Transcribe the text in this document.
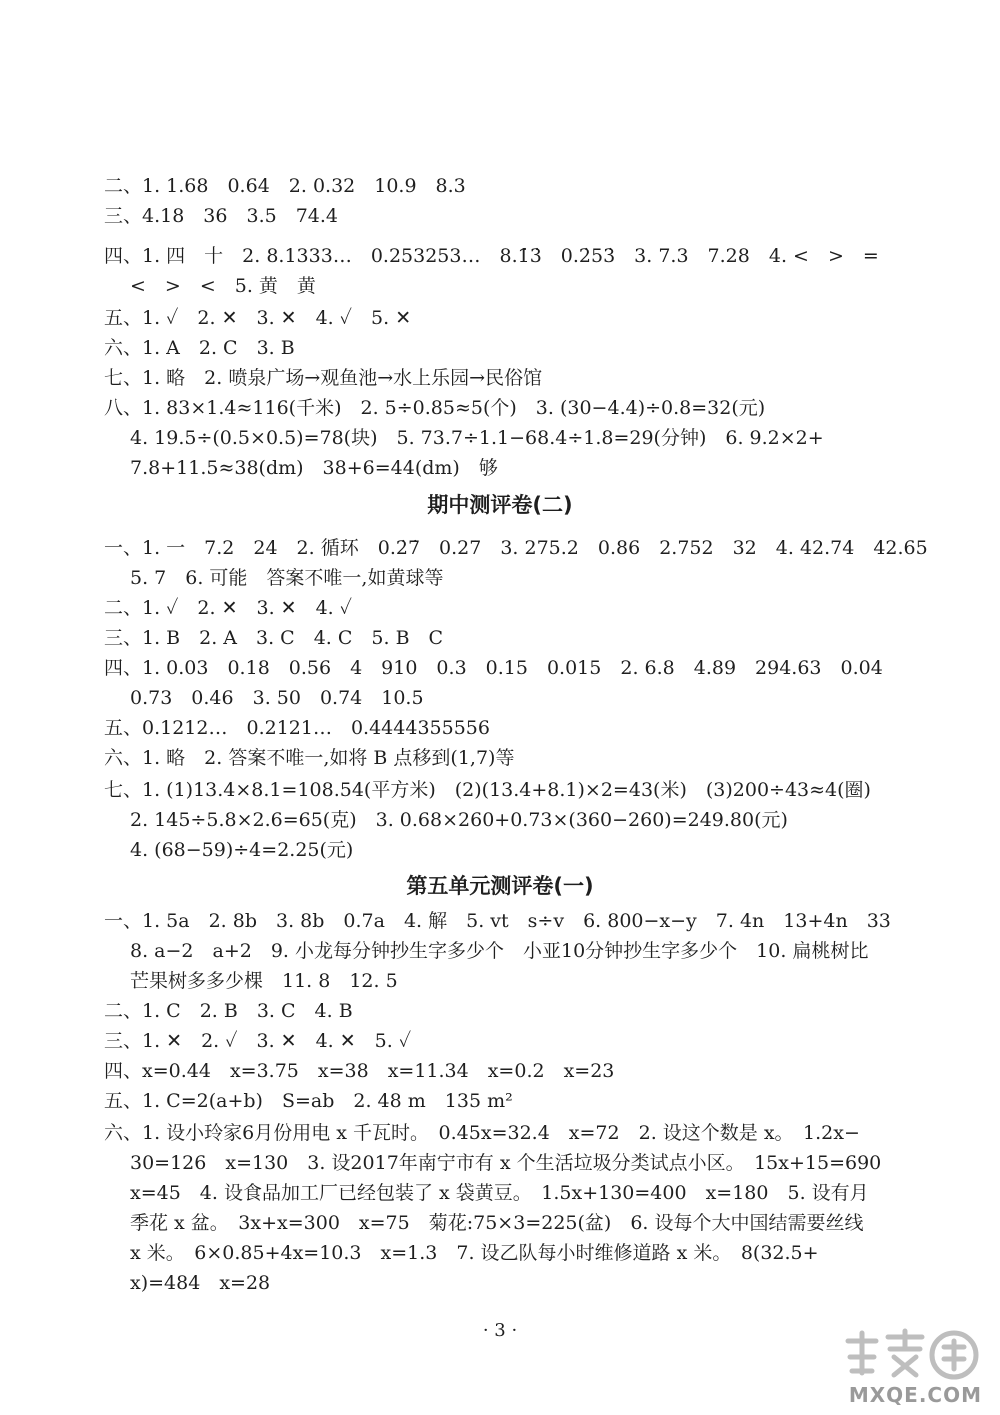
二、1. 1.68　0.64　2. 0.32　10.9　8.3
三、4.18　36　3.5　74.4
四、1. 四　十　2. 8.1333…　0.253253…　8.1̇3̇　0.2̇53̇　3. 7.3　7.28　4. <　>　=
<　>　<　5. 黄　黄
五、1. ✓　2. ✕　3. ✕　4. ✓　5. ✕
六、1. A　2. C　3. B
七、1. 略　2. 喷泉广场→观鱼池→水上乐园→民俗馆
八、1. 83×1.4≈116(千米)　2. 5÷0.85≈5(个)　3. (30−4.4)÷0.8=32(元)
4. 19.5÷(0.5×0.5)=78(块)　5. 73.7÷1.1−68.4÷1.8=29(分钟)　6. 9.2×2+
7.8+11.5≈38(dm)　38+6=44(dm)　够
期中测评卷(二)
一、1. 一　7.2　24　2. 循环　0.2̇7̇　0.27　3. 275.2　0.86　2.752　32　4. 42.74　42.65
5. 7　6. 可能　答案不唯一,如黄球等
二、1. ✓　2. ✕　3. ✕　4. ✓
三、1. B　2. A　3. C　4. C　5. B　C
四、1. 0.03　0.18　0.56　4　910　0.3　0.15　0.015　2. 6.8　4.89　294.63　0.04
0.73　0.46　3. 50　0.74　10.5
五、0.1212…　0.2121…　0.4444355556
六、1. 略　2. 答案不唯一,如将 B 点移到(1,7)等
七、1. (1)13.4×8.1=108.54(平方米)　(2)(13.4+8.1)×2=43(米)　(3)200÷43≈4(圈)
2. 145÷5.8×2.6=65(克)　3. 0.68×260+0.73×(360−260)=249.80(元)
4. (68−59)÷4=2.25(元)
第五单元测评卷(一)
一、1. 5a　2. 8b　3. 8b　0.7a　4. 解　5. vt　s÷v　6. 800−x−y　7. 4n　13+4n　33
8. a−2　a+2　9. 小龙每分钟抄生字多少个　小亚10分钟抄生字多少个　10. 扁桃树比
芒果树多多少棵　11. 8　12. 5
二、1. C　2. B　3. C　4. B
三、1. ✕　2. ✓　3. ✕　4. ✕　5. ✓
四、x=0.44　x=3.75　x=38　x=11.34　x=0.2　x=23
五、1. C=2(a+b)　S=ab　2. 48 m　135 m²
六、1. 设小玲家6月份用电 x 千瓦时。　0.45x=32.4　x=72　2. 设这个数是 x。　1.2x−
30=126　x=130　3. 设2017年南宁市有 x 个生活垃圾分类试点小区。　15x+15=690
x=45　4. 设食品加工厂已经包装了 x 袋黄豆。　1.5x+130=400　x=180　5. 设有月
季花 x 盆。　3x+x=300　x=75　菊花:75×3=225(盆)　6. 设每个大中国结需要丝线
x 米。　6×0.85+4x=10.3　x=1.3　7. 设乙队每小时维修道路 x 米。　8(32.5+
x)=484　x=28
· 3 ·
MXQE.COM
